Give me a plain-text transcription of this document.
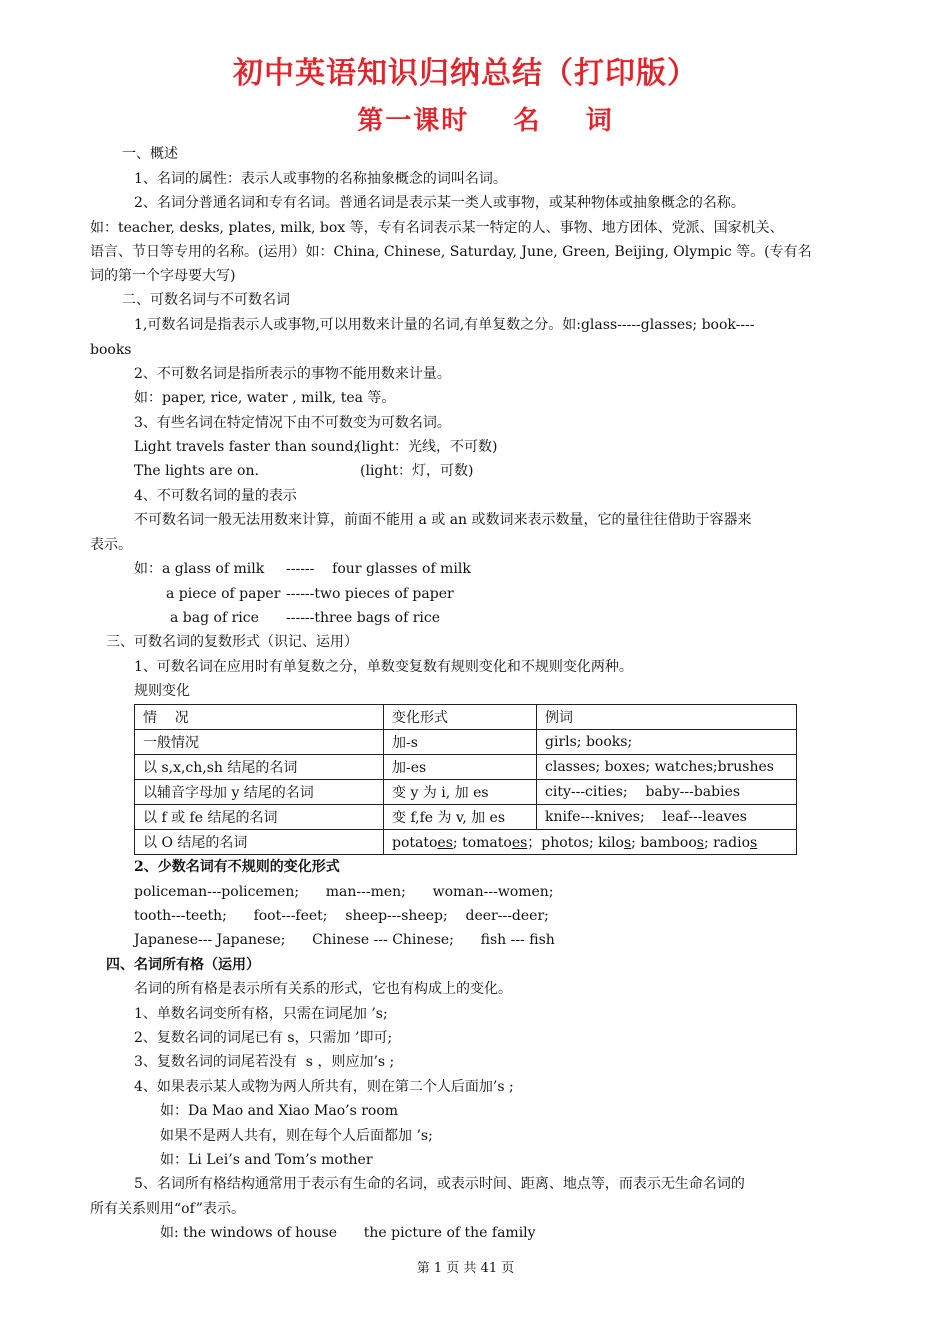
初中英语知识归纳总结（打印版）
第一课时    名    词
一、概述
1、名词的属性：表示人或事物的名称抽象概念的词叫名词。
2、名词分普通名词和专有名词。普通名词是表示某一类人或事物，或某种物体或抽象概念的名称。
如：teacher, desks, plates, milk, box 等，专有名词表示某一特定的人、事物、地方团体、党派、国家机关、
语言、节日等专用的名称。(运用）如：China, Chinese, Saturday, June, Green, Beijing, Olympic 等。(专有名
词的第一个字母要大写)
二、可数名词与不可数名词
1,可数名词是指表示人或事物,可以用数来计量的名词,有单复数之分。如:glass-----glasses; book----
books
2、不可数名词是指所表示的事物不能用数来计量。
如：paper, rice, water , milk, tea 等。
3、有些名词在特定情况下由不可数变为可数名词。
Light travels faster than sound;
(light：光线，不可数)
The lights are on.	(light：灯，可数)
4、不可数名词的量的表示
不可数名词一般无法用数来计算，前面不能用 a 或 an 或数词来表示数量，它的量往往借助于容器来
表示。
如：a glass of milk ------    four glasses of milk
a piece of paper ------two pieces of paper
a bag of rice ------three bags of rice
三、可数名词的复数形式（识记、运用）
1、可数名词在应用时有单复数之分，单数变复数有规则变化和不规则变化两种。
规则变化
情    况	变化形式	例词
一般情况	加-s	girls; books;
以 s,x,ch,sh 结尾的名词	加-es	classes; boxes; watches;brushes
以辅音字母加 y 结尾的名词	变 y 为 i, 加 es	city---cities;    baby---babies
以 f 或 fe 结尾的名词	变 f,fe 为 v, 加 es	knife---knives;    leaf---leaves
以 O 结尾的名词	potatoes; tomatoes；photos; kilos; bamboos; radios	
2、少数名词有不规则的变化形式
policeman---policemen;      man---men;      woman---women;
tooth---teeth;      foot---feet;    sheep---sheep;    deer---deer;
Japanese--- Japanese;      Chinese --- Chinese;      fish --- fish
四、名词所有格（运用）
名词的所有格是表示所有关系的形式，它也有构成上的变化。
1、单数名词变所有格，只需在词尾加 ’s;
2、复数名词的词尾已有 s，只需加 ’即可;
3、复数名词的词尾若没有  s ，则应加’s ;
4、如果表示某人或物为两人所共有，则在第二个人后面加’s ;
如：Da Mao and Xiao Mao’s room
如果不是两人共有，则在每个人后面都加 ’s;
如：Li Lei’s and Tom’s mother
5、名词所有格结构通常用于表示有生命的名词，或表示时间、距离、地点等，而表示无生命名词的
所有关系则用“of”表示。
如: the windows of house      the picture of the family
第 1 页 共 41 页
